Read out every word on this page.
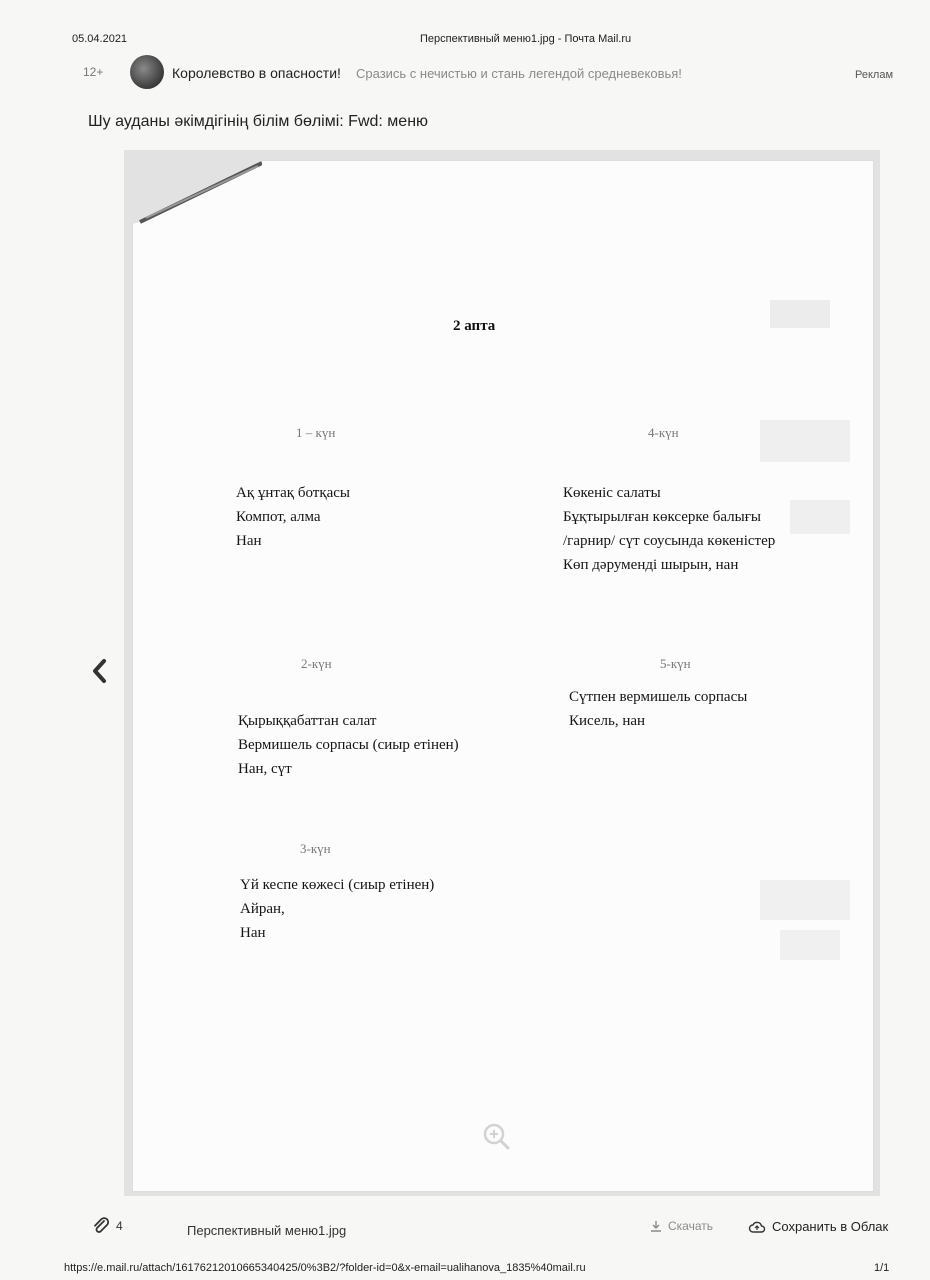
05.04.2021	Перспективный меню1.jpg - Почта Mail.ru
12+	Королевство в опасности! Сразись с нечистью и стань легендой средневековья!	Реклам
Шу ауданы әкімдігінің білім бөлімі: Fwd: меню
2 апта
1 – күн
Ақ ұнтақ ботқасы
Компот, алма
Нан
2-күн
Қырыққабаттан салат
Вермишель сорпасы (сиыр етінен)
Нан, сүт
3-күн
Үй кеспе көжесі (сиыр етінен)
Айран,
Нан
4-күн
Көкеніс салаты
Бұқтырылған көксерке балығы
/гарнир/ сүт соусында көкеністер
Көп дәруменді шырын, нан
5-күн
Сүтпен вермишель сорпасы
Кисель, нан
4	Перспективный меню1.jpg	Скачать	Сохранить в Облак
https://e.mail.ru/attach/16176212010665340425/0%3B2/?folder-id=0&x-email=ualihanova_1835%40mail.ru	1/1
